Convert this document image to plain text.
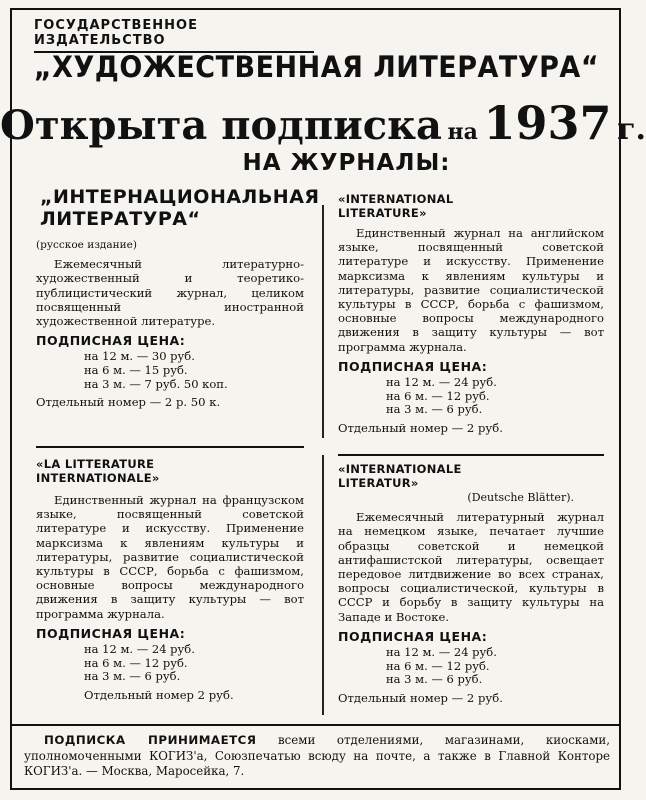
ГОСУДАРСТВЕННОЕ ИЗДАТЕЛЬСТВО
„ХУДОЖЕСТВЕННАЯ ЛИТЕРАТУРА“
Открыта подписка на 1937 г.
НА ЖУРНАЛЫ:
„ИНТЕРНАЦИОНАЛЬНАЯ ЛИТЕРАТУРА“
(русское издание)
Ежемесячный литературно-художественный и теоретико-публицистический журнал, целиком посвященный иностранной художественной литературе.
ПОДПИСНАЯ ЦЕНА:
на 12 м. — 30 руб.
на 6 м. — 15 руб.
на 3 м. — 7 руб. 50 коп.
Отдельный номер — 2 р. 50 к.
«INTERNATIONAL LITERATURE»
Единственный журнал на английском языке, посвященный советской литературе и искусству. Применение марксизма к явлениям культуры и литературы, развитие социалистической культуры в СССР, борьба с фашизмом, основные вопросы международного движения в защиту культуры — вот программа журнала.
ПОДПИСНАЯ ЦЕНА:
на 12 м. — 24 руб.
на 6 м. — 12 руб.
на 3 м. — 6 руб.
Отдельный номер — 2 руб.
«LA LITTERATURE INTERNATIONALE»
Единственный журнал на французском языке, посвященный советской литературе и искусству. Применение марксизма к явлениям культуры и литературы, развитие социалистической культуры в СССР, борьба с фашизмом, основные вопросы международного движения в защиту культуры — вот программа журнала.
ПОДПИСНАЯ ЦЕНА:
на 12 м. — 24 руб.
на 6 м. — 12 руб.
на 3 м. — 6 руб.
Отдельный номер 2 руб.
«INTERNATIONALE LITERATUR»
(Deutsche Blätter).
Ежемесячный литературный журнал на немецком языке, печатает лучшие образцы советской и немецкой антифашистской литературы, освещает передовое литдвижение во всех странах, вопросы социалистической, культуры в СССР и борьбу в защиту культуры на Западе и Востоке.
ПОДПИСНАЯ ЦЕНА:
на 12 м. — 24 руб.
на 6 м. — 12 руб.
на 3 м. — 6 руб.
Отдельный номер — 2 руб.
ПОДПИСКА ПРИНИМАЕТСЯ всеми отделениями, магазинами, киосками, уполномоченными КОГИЗ'а, Союзпечатью всюду на почте, а также в Главной Конторе КОГИЗ'а. — Москва, Маросейка, 7.
